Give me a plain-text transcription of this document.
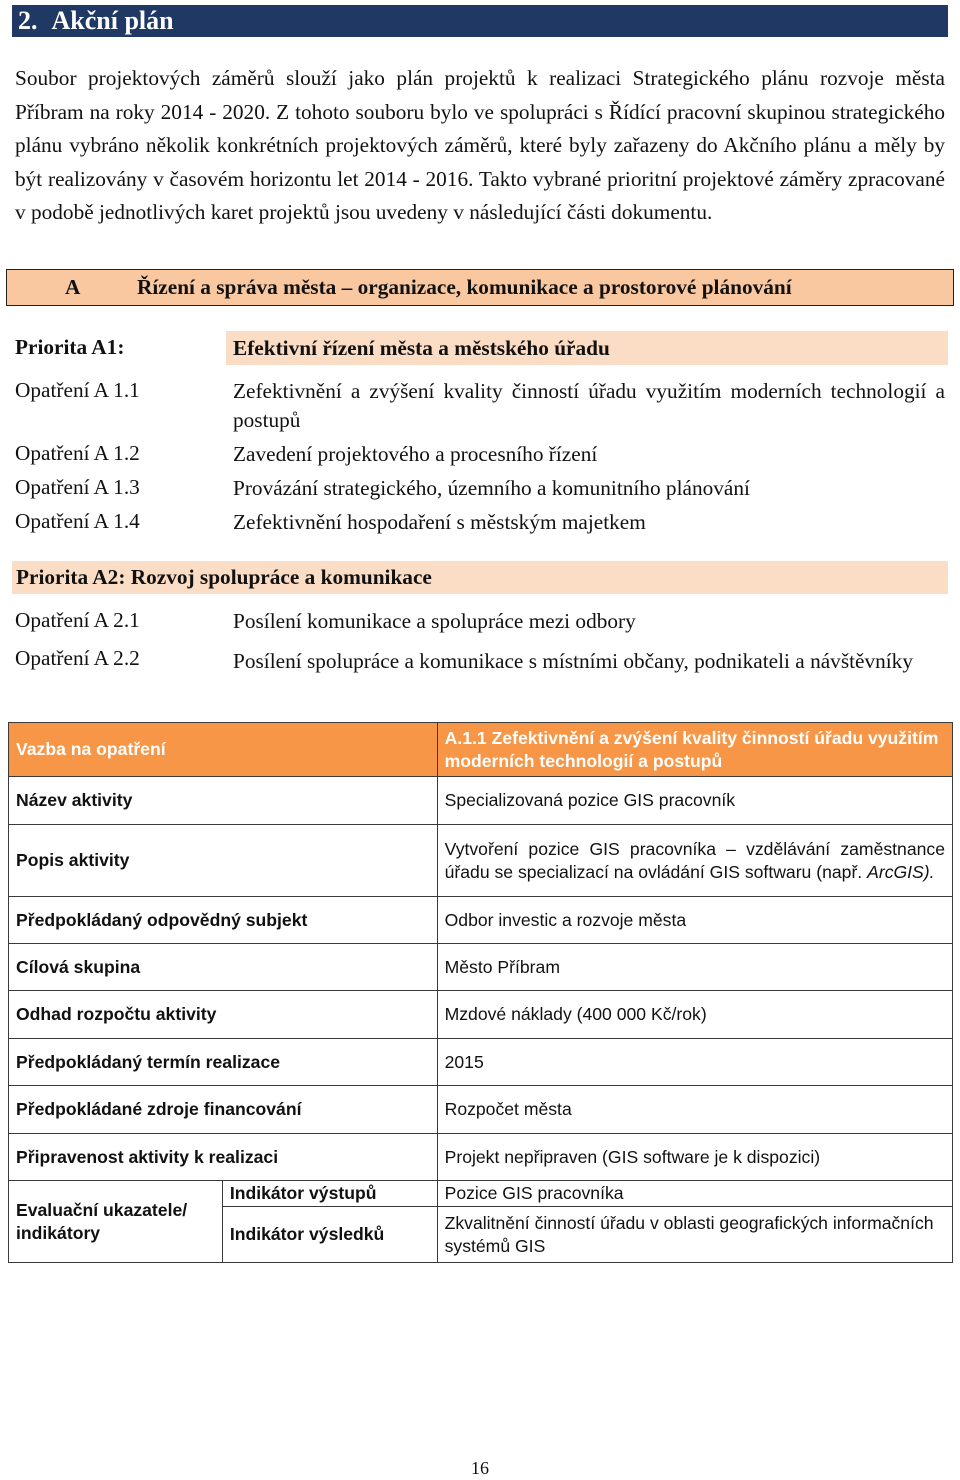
2. Akční plán
Soubor projektových záměrů slouží jako plán projektů k realizaci Strategického plánu rozvoje města Příbram na roky 2014 - 2020. Z tohoto souboru bylo ve spolupráci s Řídící pracovní skupinou strategického plánu vybráno několik konkrétních projektových záměrů, které byly zařazeny do Akčního plánu a měly by být realizovány v časovém horizontu let 2014 - 2016. Takto vybrané prioritní projektové záměry zpracované v podobě jednotlivých karet projektů jsou uvedeny v následující části dokumentu.
A	Řízení a správa města – organizace, komunikace a prostorové plánování
Priorita A1:	Efektivní řízení města a městského úřadu
Opatření A 1.1	Zefektivnění a zvýšení kvality činností úřadu využitím moderních technologií a postupů
Opatření A 1.2	Zavedení projektového a procesního řízení
Opatření A 1.3	Provázání strategického, územního a komunitního plánování
Opatření A 1.4	Zefektivnění hospodaření s městským majetkem
Priorita A2: Rozvoj spolupráce a komunikace
Opatření A 2.1	Posílení komunikace a spolupráce mezi odbory
Opatření A 2.2	Posílení spolupráce a komunikace s místními občany, podnikateli a návštěvníky
Vazba na opatření		A.1.1 Zefektivnění a zvýšení kvality činností úřadu využitím moderních technologií a postupů
Název aktivity		Specializovaná pozice GIS pracovník
Popis aktivity		Vytvoření pozice GIS pracovníka – vzdělávání zaměstnance úřadu se specializací na ovládání GIS softwaru (např. ArcGIS).
Předpokládaný odpovědný subjekt		Odbor investic a rozvoje města
Cílová skupina		Město Příbram
Odhad rozpočtu aktivity		Mzdové náklady (400 000 Kč/rok)
Předpokládaný termín realizace		2015
Předpokládané zdroje financování		Rozpočet města
Připravenost aktivity k realizaci		Projekt nepřipraven (GIS software je k dispozici)
Evaluační ukazatele/ indikátory	Indikátor výstupů	Pozice GIS pracovníka
	Indikátor výsledků	Zkvalitnění činností úřadu v oblasti geografických informačních systémů GIS
16
